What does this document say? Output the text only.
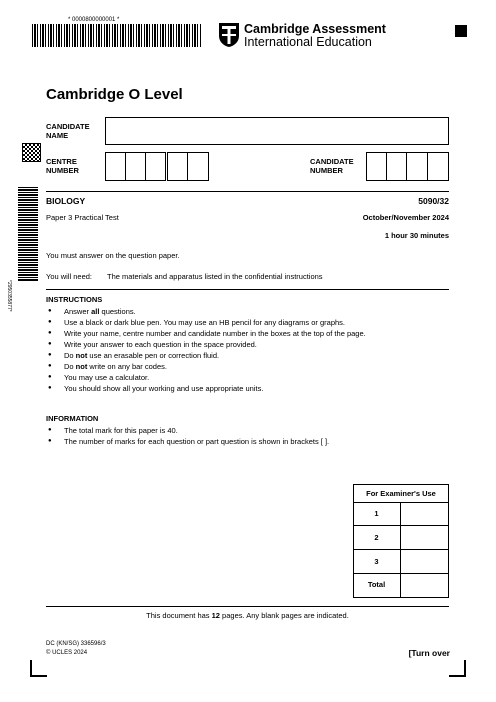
* 0000800000001 *
Cambridge Assessment
International Education
Cambridge O Level
CANDIDATE
NAME
CENTRE
NUMBER
CANDIDATE
NUMBER
*2950355877*
BIOLOGY	5090/32
Paper 3 Practical Test	October/November 2024
1 hour 30 minutes
You must answer on the question paper.
You will need: The materials and apparatus listed in the confidential instructions
INSTRUCTIONS
● Answer all questions.
● Use a black or dark blue pen. You may use an HB pencil for any diagrams or graphs.
● Write your name, centre number and candidate number in the boxes at the top of the page.
● Write your answer to each question in the space provided.
● Do not use an erasable pen or correction fluid.
● Do not write on any bar codes.
● You may use a calculator.
● You should show all your working and use appropriate units.
INFORMATION
● The total mark for this paper is 40.
● The number of marks for each question or part question is shown in brackets [ ].
For Examiner's Use
1
2
3
Total
This document has 12 pages. Any blank pages are indicated.
DC (KN/SG) 336596/3
© UCLES 2024	[Turn over
